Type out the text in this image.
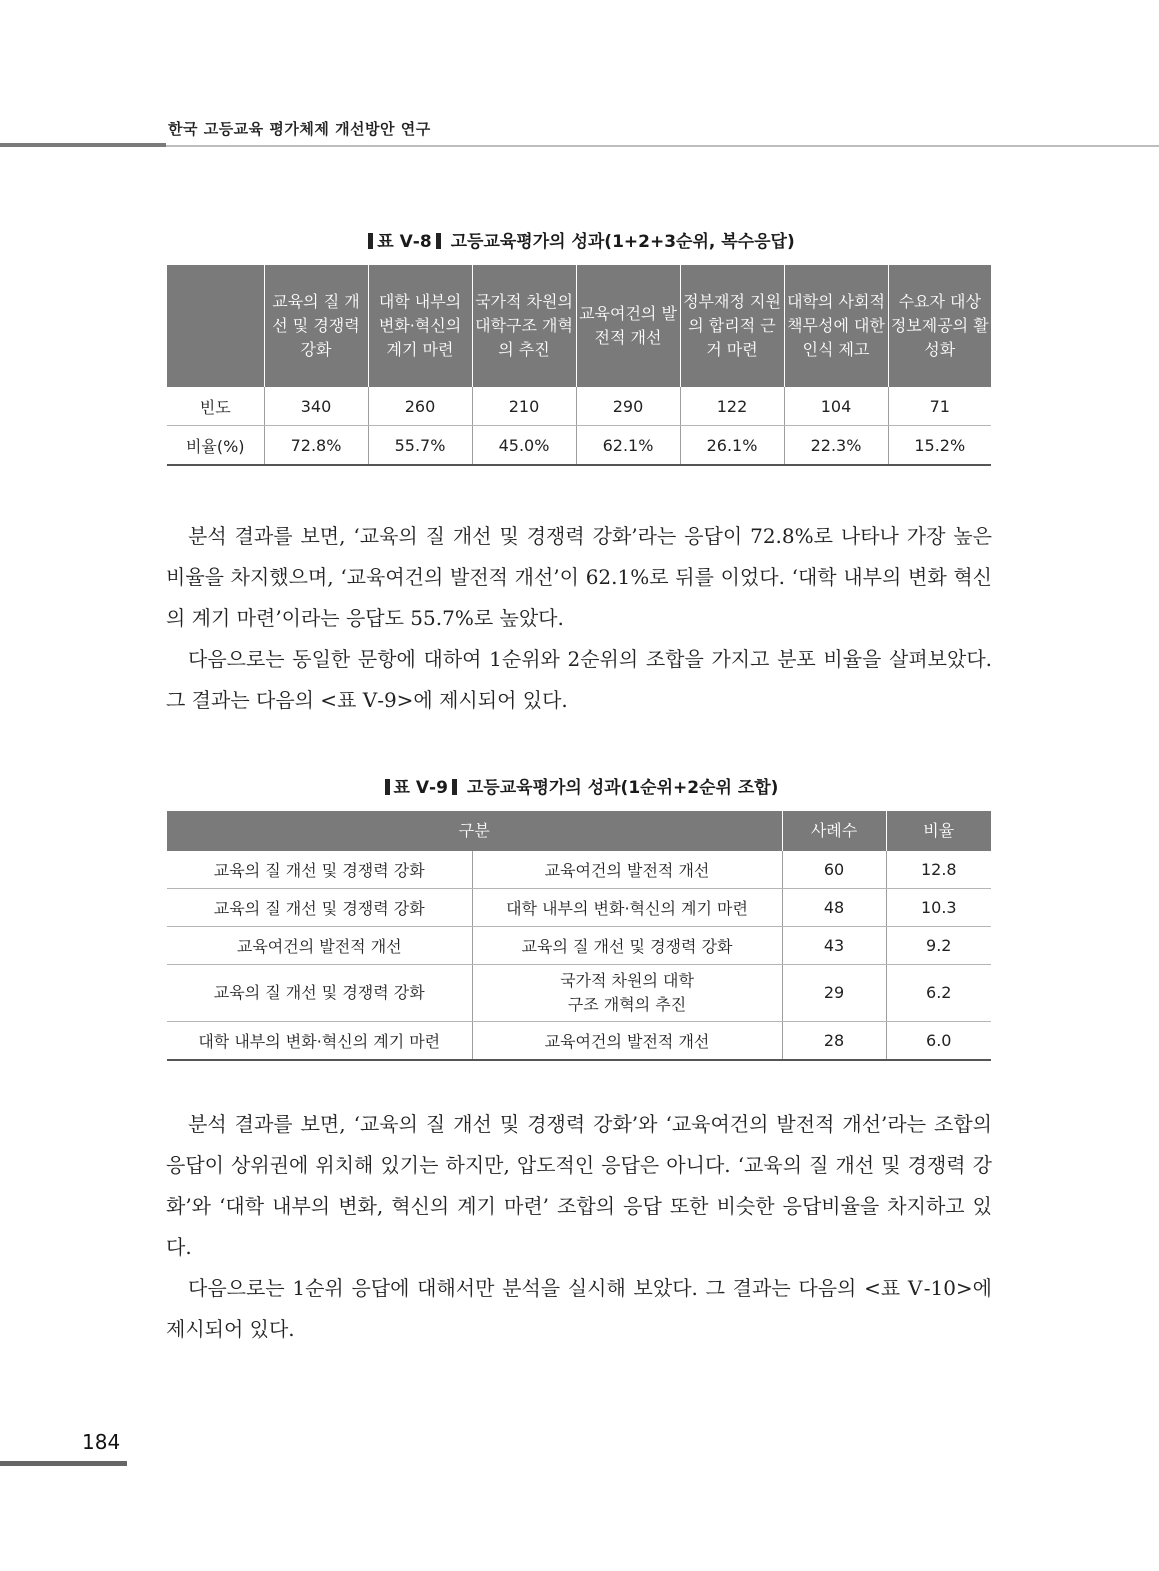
한국 고등교육 평가체제 개선방안 연구
표 Ⅴ-8 고등교육평가의 성과(1+2+3순위, 복수응답)
	교육의 질 개선 및 경쟁력 강화	대학 내부의 변화·혁신의 계기 마련	국가적 차원의 대학구조 개혁의 추진	교육여건의 발전적 개선	정부재정 지원의 합리적 근거 마련	대학의 사회적 책무성에 대한 인식 제고	수요자 대상 정보제공의 활성화
빈도	340	260	210	290	122	104	71
비율(%)	72.8%	55.7%	45.0%	62.1%	26.1%	22.3%	15.2%

분석 결과를 보면, ‘교육의 질 개선 및 경쟁력 강화’라는 응답이 72.8%로 나타나 가장 높은 비율을 차지했으며, ‘교육여건의 발전적 개선’이 62.1%로 뒤를 이었다. ‘대학 내부의 변화 혁신의 계기 마련’이라는 응답도 55.7%로 높았다.

다음으로는 동일한 문항에 대하여 1순위와 2순위의 조합을 가지고 분포 비율을 살펴보았다. 그 결과는 다음의 <표 Ⅴ-9>에 제시되어 있다.

표 Ⅴ-9 고등교육평가의 성과(1순위+2순위 조합)
구분		사례수	비율
교육의 질 개선 및 경쟁력 강화	교육여건의 발전적 개선	60	12.8
교육의 질 개선 및 경쟁력 강화	대학 내부의 변화·혁신의 계기 마련	48	10.3
교육여건의 발전적 개선	교육의 질 개선 및 경쟁력 강화	43	9.2
교육의 질 개선 및 경쟁력 강화	국가적 차원의 대학구조 개혁의 추진	29	6.2
대학 내부의 변화·혁신의 계기 마련	교육여건의 발전적 개선	28	6.0

분석 결과를 보면, ‘교육의 질 개선 및 경쟁력 강화’와 ‘교육여건의 발전적 개선’라는 조합의 응답이 상위권에 위치해 있기는 하지만, 압도적인 응답은 아니다. ‘교육의 질 개선 및 경쟁력 강화’와 ‘대학 내부의 변화, 혁신의 계기 마련’ 조합의 응답 또한 비슷한 응답비율을 차지하고 있다.

다음으로는 1순위 응답에 대해서만 분석을 실시해 보았다. 그 결과는 다음의 <표 Ⅴ-10>에 제시되어 있다.

184
